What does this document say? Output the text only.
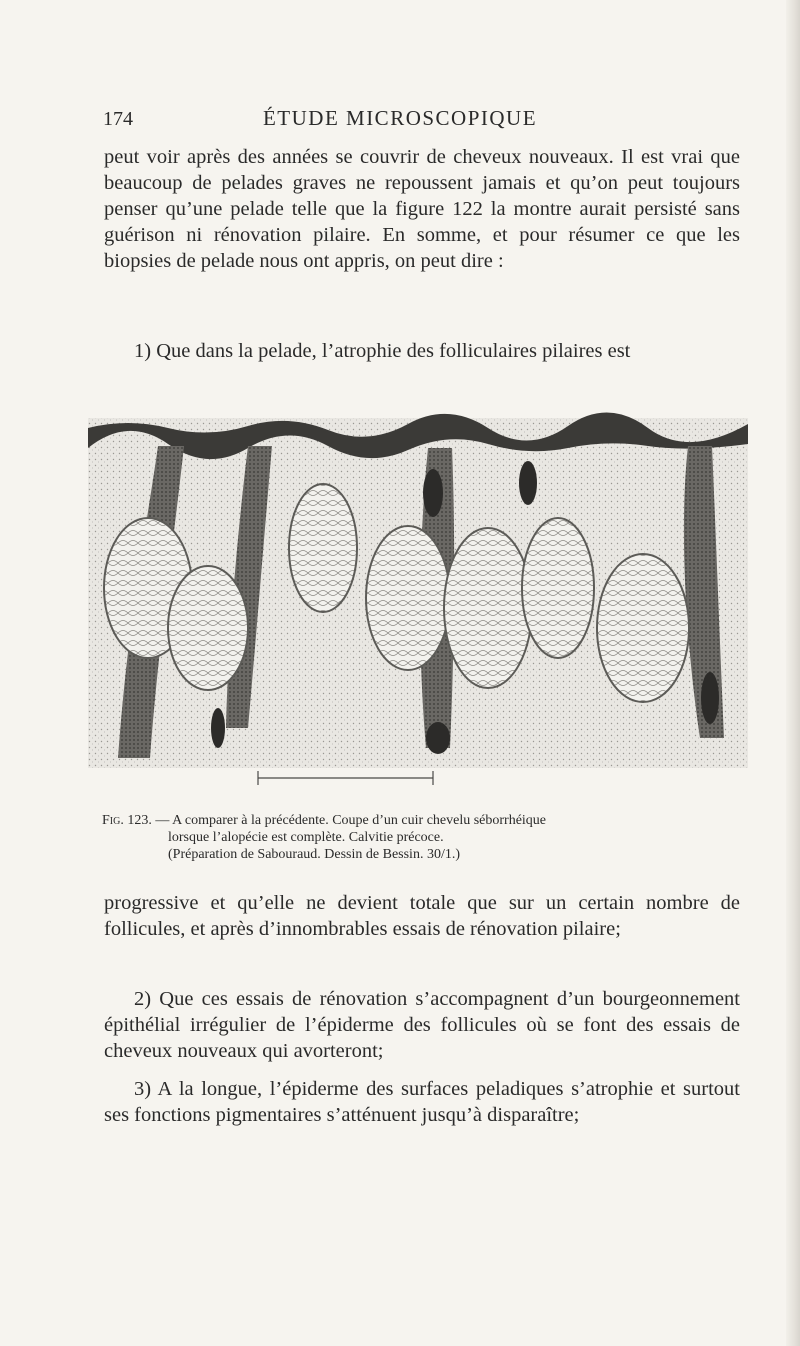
174	ÉTUDE MICROSCOPIQUE

peut voir après des années se couvrir de cheveux nouveaux. Il est vrai que beaucoup de pelades graves ne repoussent jamais et qu’on peut toujours penser qu’une pelade telle que la figure 122 la montre aurait persisté sans guérison ni rénovation pilaire. En somme, et pour résumer ce que les biopsies de pelade nous ont appris, on peut dire :

1) Que dans la pelade, l’atrophie des folliculaires pilaires est

Fig. 123. — A comparer à la précédente. Coupe d’un cuir chevelu séborrhéique
lorsque l’alopécie est complète. Calvitie précoce.
(Préparation de Sabouraud. Dessin de Bessin. 30/1.)

progressive et qu’elle ne devient totale que sur un certain nombre de follicules, et après d’innombrables essais de rénovation pilaire;

2) Que ces essais de rénovation s’accompagnent d’un bourgeonnement épithélial irrégulier de l’épiderme des follicules où se font des essais de cheveux nouveaux qui avorteront;

3) A la longue, l’épiderme des surfaces peladiques s’atrophie et surtout ses fonctions pigmentaires s’atténuent jusqu’à disparaître;
